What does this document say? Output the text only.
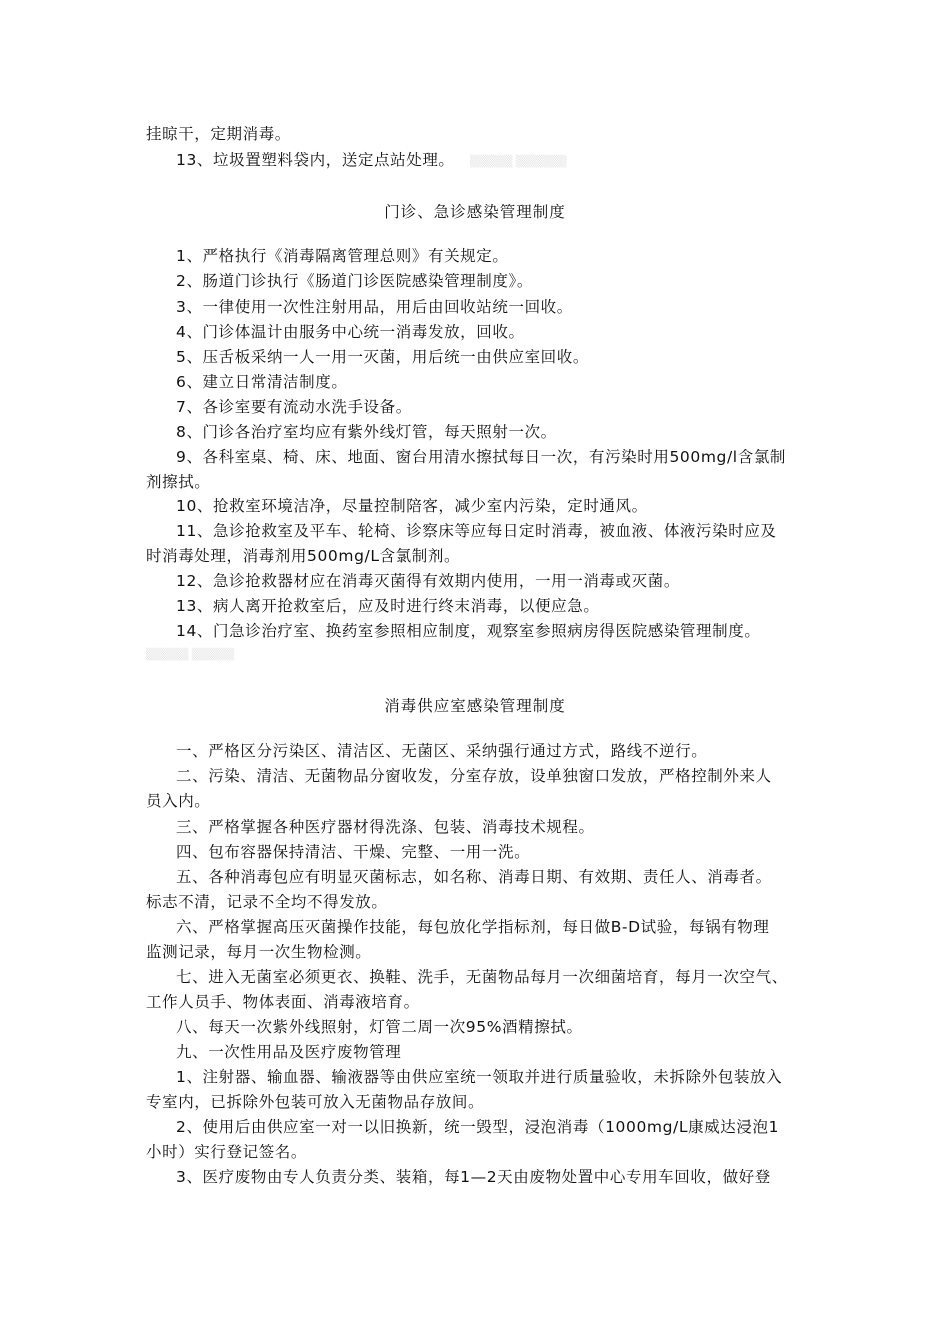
挂晾干，定期消毒。
13、垃圾置塑料袋内，送定点站处理。 ▒▒▒▒▒ ▒▒▒▒▒▒
门诊、急诊感染管理制度
1、严格执行《消毒隔离管理总则》有关规定。
2、肠道门诊执行《肠道门诊医院感染管理制度》。
3、一律使用一次性注射用品，用后由回收站统一回收。
4、门诊体温计由服务中心统一消毒发放，回收。
5、压舌板采纳一人一用一灭菌，用后统一由供应室回收。
6、建立日常清洁制度。
7、各诊室要有流动水洗手设备。
8、门诊各治疗室均应有紫外线灯管，每天照射一次。
9、各科室桌、椅、床、地面、窗台用清水擦拭每日一次，有污染时用500mg/l含氯制
剂擦拭。
10、抢救室环境洁净，尽量控制陪客，减少室内污染，定时通风。
11、急诊抢救室及平车、轮椅、诊察床等应每日定时消毒，被血液、体液污染时应及
时消毒处理，消毒剂用500mg/L含氯制剂。
12、急诊抢救器材应在消毒灭菌得有效期内使用，一用一消毒或灭菌。
13、病人离开抢救室后，应及时进行终末消毒，以便应急。
14、门急诊治疗室、换药室参照相应制度，观察室参照病房得医院感染管理制度。
▒▒▒▒▒ ▒▒▒▒▒
消毒供应室感染管理制度
一、严格区分污染区、清洁区、无菌区、采纳强行通过方式，路线不逆行。
二、污染、清洁、无菌物品分窗收发，分室存放，设单独窗口发放，严格控制外来人
员入内。
三、严格掌握各种医疗器材得洗涤、包装、消毒技术规程。
四、包布容器保持清洁、干燥、完整、一用一洗。
五、各种消毒包应有明显灭菌标志，如名称、消毒日期、有效期、责任人、消毒者。
标志不清，记录不全均不得发放。
六、严格掌握高压灭菌操作技能，每包放化学指标剂，每日做B-D试验，每锅有物理
监测记录，每月一次生物检测。
七、进入无菌室必须更衣、换鞋、洗手，无菌物品每月一次细菌培育，每月一次空气、
工作人员手、物体表面、消毒液培育。
八、每天一次紫外线照射，灯管二周一次95%酒精擦拭。
九、一次性用品及医疗废物管理
1、注射器、输血器、输液器等由供应室统一领取并进行质量验收，未拆除外包装放入
专室内，已拆除外包装可放入无菌物品存放间。
2、使用后由供应室一对一以旧换新，统一毁型，浸泡消毒（1000mg/L康威达浸泡1
小时）实行登记签名。
3、医疗废物由专人负责分类、装箱，每1—2天由废物处置中心专用车回收，做好登
